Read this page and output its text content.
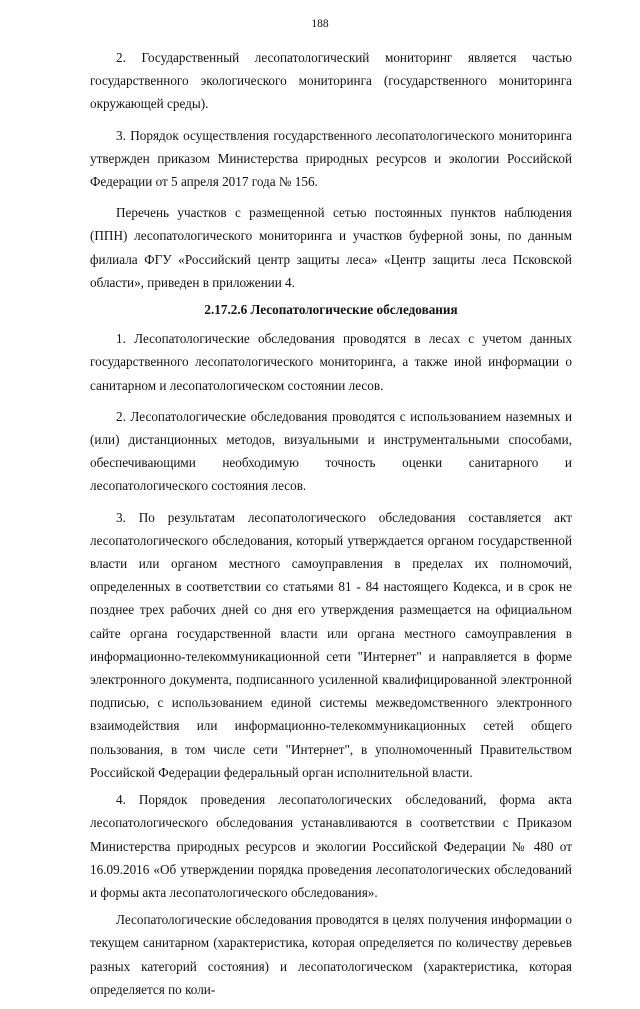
188

2. Государственный лесопатологический мониторинг является частью государственного экологического мониторинга (государственного мониторинга окружающей среды).

3. Порядок осуществления государственного лесопатологического мониторинга утвержден приказом Министерства природных ресурсов и экологии Российской Федерации от 5 апреля 2017 года № 156.

Перечень участков с размещенной сетью постоянных пунктов наблюдения (ППН) лесопатологического мониторинга и участков буферной зоны, по данным филиала ФГУ «Российский центр защиты леса» «Центр защиты леса Псковской области», приведен в приложении 4.

2.17.2.6 Лесопатологические обследования

1. Лесопатологические обследования проводятся в лесах с учетом данных государственного лесопатологического мониторинга, а также иной информации о санитарном и лесопатологическом состоянии лесов.

2. Лесопатологические обследования проводятся с использованием наземных и (или) дистанционных методов, визуальными и инструментальными способами, обеспечивающими необходимую точность оценки санитарного и лесопатологического состояния лесов.

3. По результатам лесопатологического обследования составляется акт лесопатологического обследования, который утверждается органом государственной власти или органом местного самоуправления в пределах их полномочий, определенных в соответствии со статьями 81 - 84 настоящего Кодекса, и в срок не позднее трех рабочих дней со дня его утверждения размещается на официальном сайте органа государственной власти или органа местного самоуправления в информационно-телекоммуникационной сети "Интернет" и направляется в форме электронного документа, подписанного усиленной квалифицированной электронной подписью, с использованием единой системы межведомственного электронного взаимодействия или информационно-телекоммуникационных сетей общего пользования, в том числе сети "Интернет", в уполномоченный Правительством Российской Федерации федеральный орган исполнительной власти.

4. Порядок проведения лесопатологических обследований, форма акта лесопатологического обследования устанавливаются в соответствии с Приказом Министерства природных ресурсов и экологии Российской Федерации № 480 от 16.09.2016 «Об утверждении порядка проведения лесопатологических обследований и формы акта лесопатологического обследования».

Лесопатологические обследования проводятся в целях получения информации о текущем санитарном (характеристика, которая определяется по количеству деревьев разных категорий состояния) и лесопатологическом (характеристика, которая определяется по коли-
